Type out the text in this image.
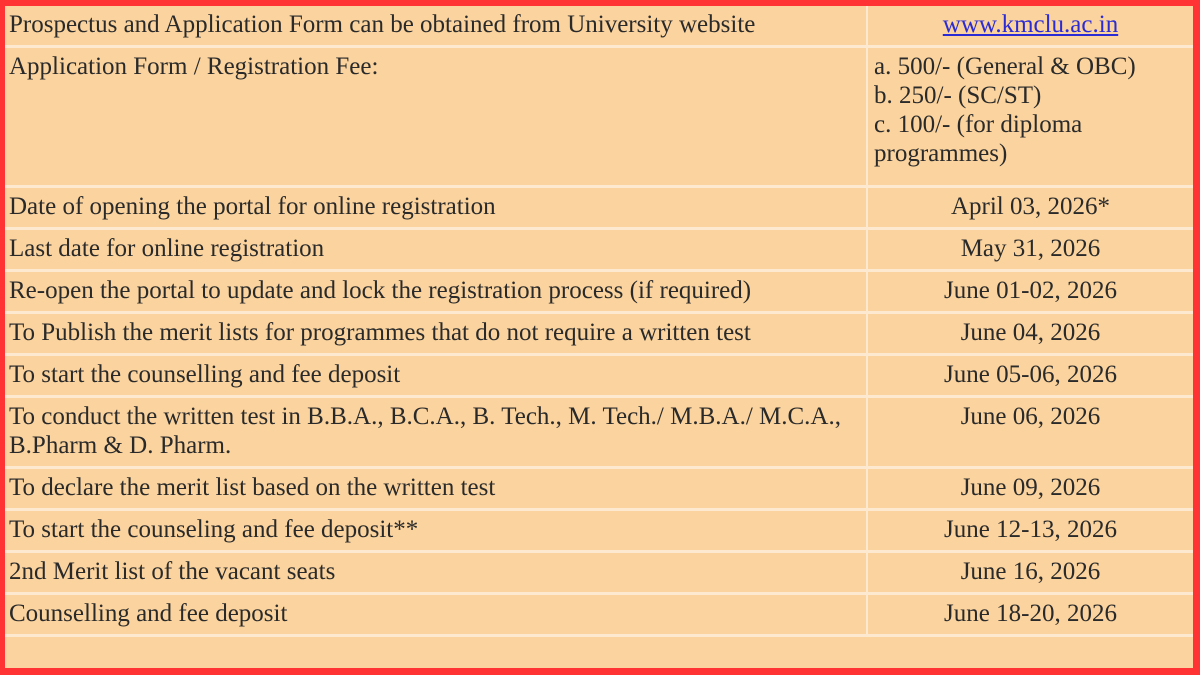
Prospectus and Application Form can be obtained from University website	www.kmclu.ac.in
Application Form / Registration Fee:	a. 500/- (General & OBC)
b. 250/- (SC/ST)
c. 100/- (for diploma programmes)

Date of opening the portal for online registration	April 03, 2026*
Last date for online registration	May 31, 2026
Re-open the portal to update and lock the registration process (if required)	June 01-02, 2026
To Publish the merit lists for programmes that do not require a written test	June 04, 2026
To start the counselling and fee deposit	June 05-06, 2026
To conduct the written test in B.B.A., B.C.A., B. Tech., M. Tech./ M.B.A./ M.C.A., B.Pharm & D. Pharm.	June 06, 2026
To declare the merit list based on the written test	June 09, 2026
To start the counseling and fee deposit**	June 12-13, 2026
2nd Merit list of the vacant seats	June 16, 2026
Counselling and fee deposit	June 18-20, 2026
